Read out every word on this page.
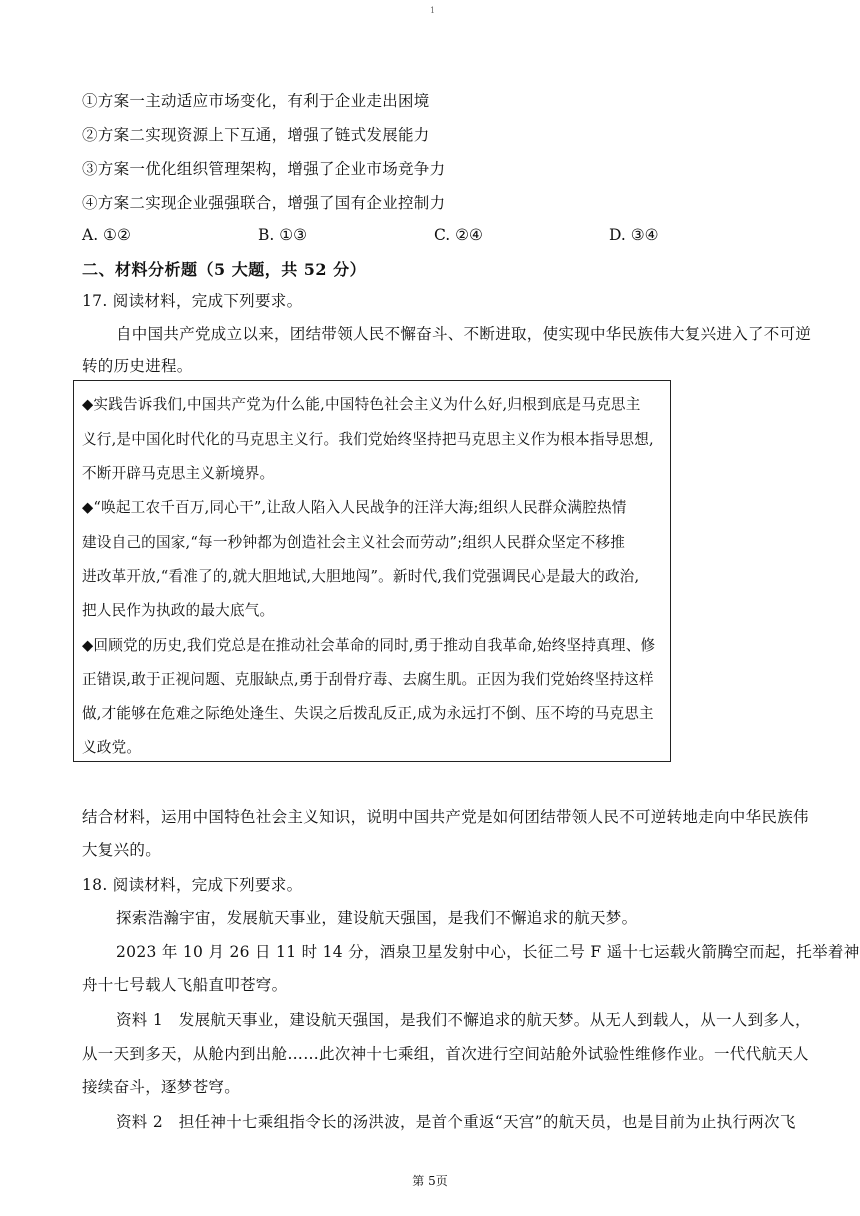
1
①方案一主动适应市场变化，有利于企业走出困境
②方案二实现资源上下互通，增强了链式发展能力
③方案一优化组织管理架构，增强了企业市场竞争力
④方案二实现企业强强联合，增强了国有企业控制力
A. ①②	B. ①③	C. ②④	D. ③④
二、材料分析题（5 大题，共 52 分）
17. 阅读材料，完成下列要求。
自中国共产党成立以来，团结带领人民不懈奋斗、不断进取，使实现中华民族伟大复兴进入了不可逆
转的历史进程。
◆实践告诉我们,中国共产党为什么能,中国特色社会主义为什么好,归根到底是马克思主
义行,是中国化时代化的马克思主义行。我们党始终坚持把马克思主义作为根本指导思想,
不断开辟马克思主义新境界。
◆“唤起工农千百万,同心干”,让敌人陷入人民战争的汪洋大海;组织人民群众满腔热情
建设自己的国家,“每一秒钟都为创造社会主义社会而劳动”;组织人民群众坚定不移推
进改革开放,“看准了的,就大胆地试,大胆地闯”。新时代,我们党强调民心是最大的政治,
把人民作为执政的最大底气。
◆回顾党的历史,我们党总是在推动社会革命的同时,勇于推动自我革命,始终坚持真理、修
正错误,敢于正视问题、克服缺点,勇于刮骨疗毒、去腐生肌。正因为我们党始终坚持这样
做,才能够在危难之际绝处逢生、失误之后拨乱反正,成为永远打不倒、压不垮的马克思主
义政党。
结合材料，运用中国特色社会主义知识，说明中国共产党是如何团结带领人民不可逆转地走向中华民族伟
大复兴的。
18. 阅读材料，完成下列要求。
探索浩瀚宇宙，发展航天事业，建设航天强国，是我们不懈追求的航天梦。
2023 年 10 月 26 日 11 时 14 分，酒泉卫星发射中心，长征二号 F 遥十七运载火箭腾空而起，托举着神
舟十七号载人飞船直叩苍穹。
资料 1　发展航天事业，建设航天强国，是我们不懈追求的航天梦。从无人到载人，从一人到多人，
从一天到多天，从舱内到出舱……此次神十七乘组，首次进行空间站舱外试验性维修作业。一代代航天人
接续奋斗，逐梦苍穹。
资料 2　担任神十七乘组指令长的汤洪波，是首个重返“天宫”的航天员，也是目前为止执行两次飞
第 5页
